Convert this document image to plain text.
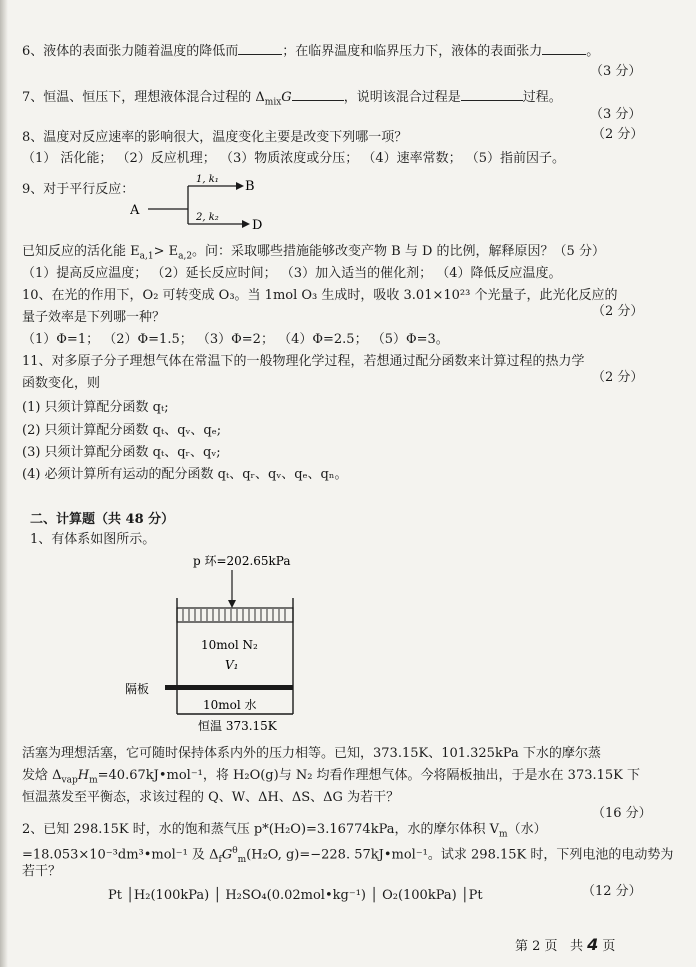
6、液体的表面张力随着温度的降低而	；在临界温度和临界压力下，液体的表面张力	。
（3 分）
7、恒温、恒压下，理想液体混合过程的 $\Delta_{mix}G$	，说明该混合过程是	过程。
（3 分）
8、温度对反应速率的影响很大，温度变化主要是改变下列哪一项？	（2 分）
（1） 活化能； （2）反应机理； （3）物质浓度或分压； （4）速率常数； （5）指前因子。
9、对于平行反应：
A
1, k₁
2, k₂
B
D
已知反应的活化能 $E_{a,1}> E_{a,2}$。问：采取哪些措施能够改变产物 B 与 D 的比例，解释原因？（5 分）
（1）提高反应温度； （2）延长反应时间； （3）加入适当的催化剂； （4）降低反应温度。
10、在光的作用下，O₂ 可转变成 O₃。当 1mol O₃ 生成时，吸收 3.01×10²³ 个光量子，此光化反应的
量子效率是下列哪一种？	（2 分）
（1）Φ=1； （2）Φ=1.5； （3）Φ=2； （4）Φ=2.5； （5）Φ=3。
11、对多原子分子理想气体在常温下的一般物理化学过程，若想通过配分函数来计算过程的热力学
函数变化，则	（2 分）
(1) 只须计算配分函数 qₜ;
(2) 只须计算配分函数 qₜ、qᵥ、qₑ;
(3) 只须计算配分函数 qₜ、qᵣ、qᵥ;
(4) 必须计算所有运动的配分函数 qₜ、qᵣ、qᵥ、qₑ、qₙ。
二、计算题（共 48 分）
1、有体系如图所示。
p 环=202.65kPa
10mol N₂
V₁
隔板
10mol 水
恒温 373.15K
活塞为理想活塞，它可随时保持体系内外的压力相等。已知，373.15K、101.325kPa 下水的摩尔蒸
发焓 $\Delta_{vap}H_m=40.67kJ•mol^{-1}$，将 H₂O(g)与 N₂ 均看作理想气体。今将隔板抽出，于是水在 373.15K 下
恒温蒸发至平衡态，求该过程的 Q、W、ΔH、ΔS、ΔG 为若干？
（16 分）
2、已知 298.15K 时，水的饱和蒸气压 p*(H₂O)=3.16774kPa，水的摩尔体积 $V_m$（水）
=18.053×10⁻³dm³•mol⁻¹ 及 $\Delta_fG^\theta_m(H_2O$, g)=−228. 57kJ•mol⁻¹。试求 298.15K 时，下列电池的电动势为
若干？
Pt │H₂(100kPa) │ H₂SO₄(0.02mol•kg⁻¹) │ O₂(100kPa) │Pt	（12 分）
第 2 页 共 4 页
